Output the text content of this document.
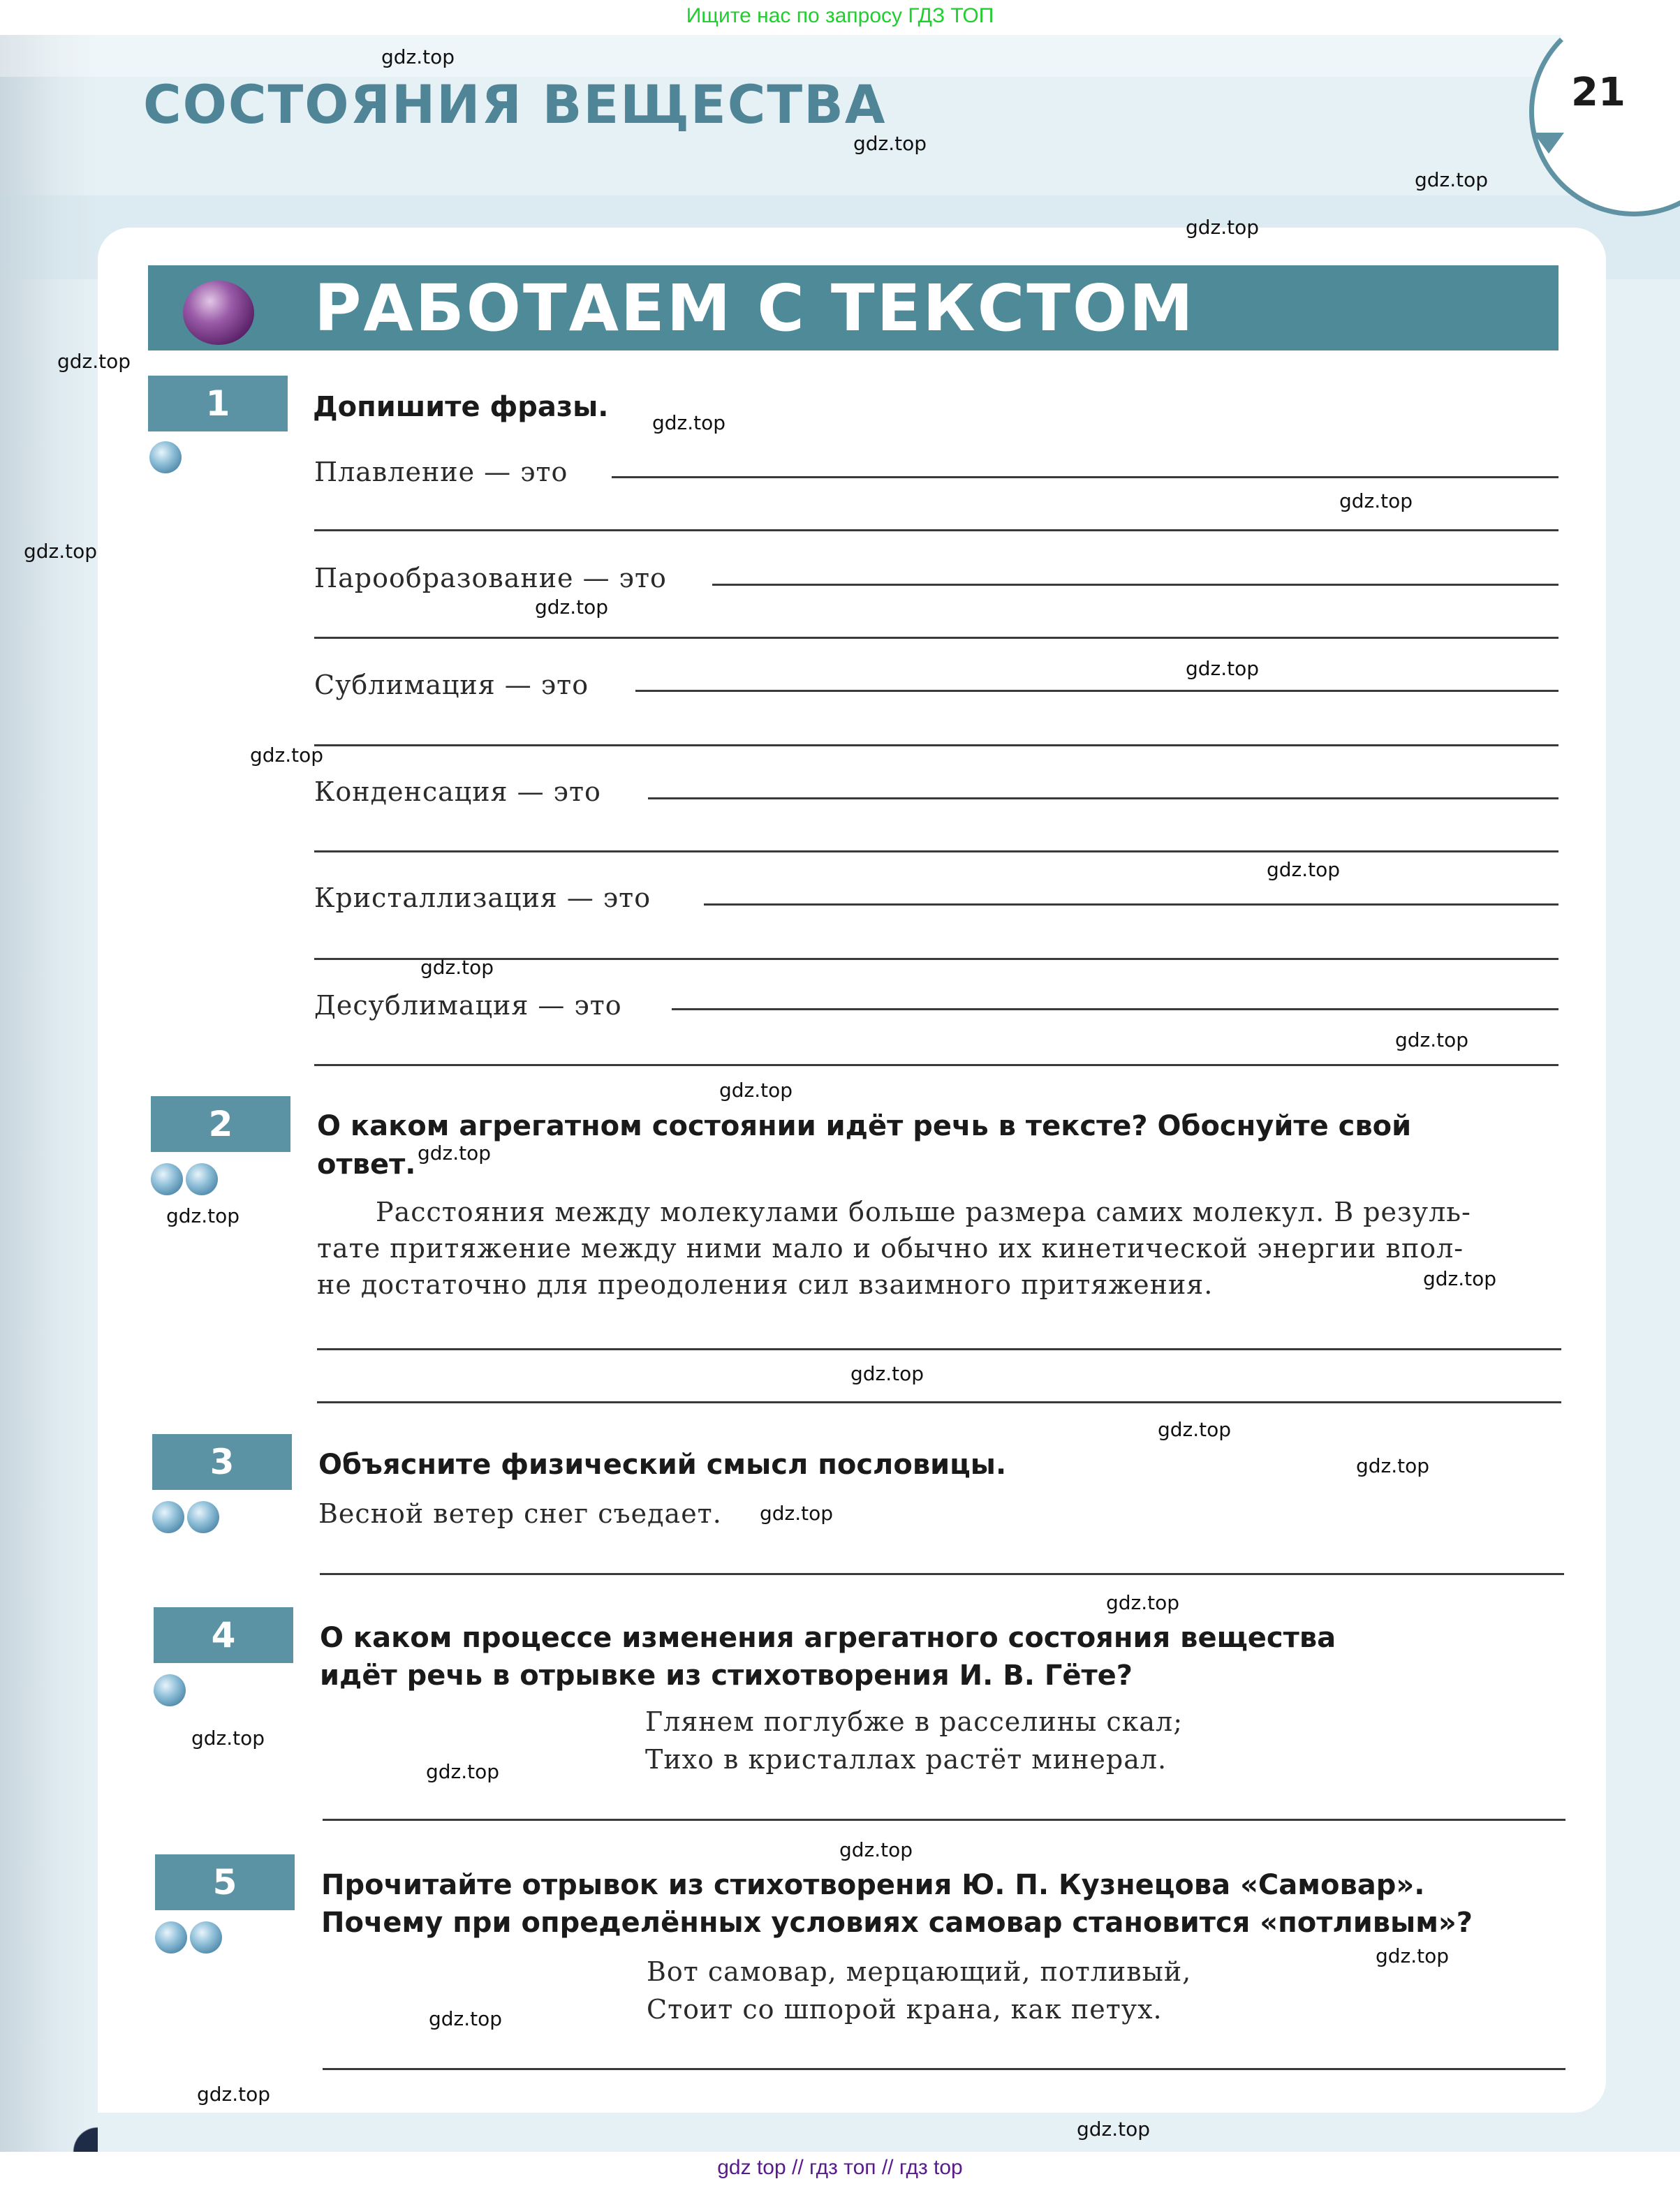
Ищите нас по запросу ГДЗ ТОП
СОСТОЯНИЯ ВЕЩЕСТВА	21
РАБОТАЕМ С ТЕКСТОМ
1	Допишите фразы.
Плавление — это
Парообразование — это
Сублимация — это
Конденсация — это
Кристаллизация — это
Десублимация — это
2	О каком агрегатном состоянии идёт речь в тексте? Обоснуйте свой
ответ.
Расстояния между молекулами больше размера самих молекул. В резуль-
тате притяжение между ними мало и обычно их кинетической энергии впол-
не достаточно для преодоления сил взаимного притяжения.
3	Объясните физический смысл пословицы.
Весной ветер снег съедает.
4	О каком процессе изменения агрегатного состояния вещества
идёт речь в отрывке из стихотворения И. В. Гёте?
Глянем поглубже в расселины скал;
Тихо в кристаллах растёт минерал.
5	Прочитайте отрывок из стихотворения Ю. П. Кузнецова «Самовар».
Почему при определённых условиях самовар становится «потливым»?
Вот самовар, мерцающий, потливый,
Стоит со шпорой крана, как петух.
gdz.top
gdz.top
gdz.top
gdz.top
gdz.top
gdz.top
gdz.top
gdz.top
gdz.top
gdz.top
gdz.top
gdz.top
gdz.top
gdz.top
gdz.top
gdz.top
gdz.top
gdz.top
gdz.top
gdz.top
gdz.top
gdz.top
gdz.top
gdz.top
gdz.top
gdz.top
gdz.top
gdz.top
gdz.top
gdz.top
gdz top // гдз топ // гдз top
